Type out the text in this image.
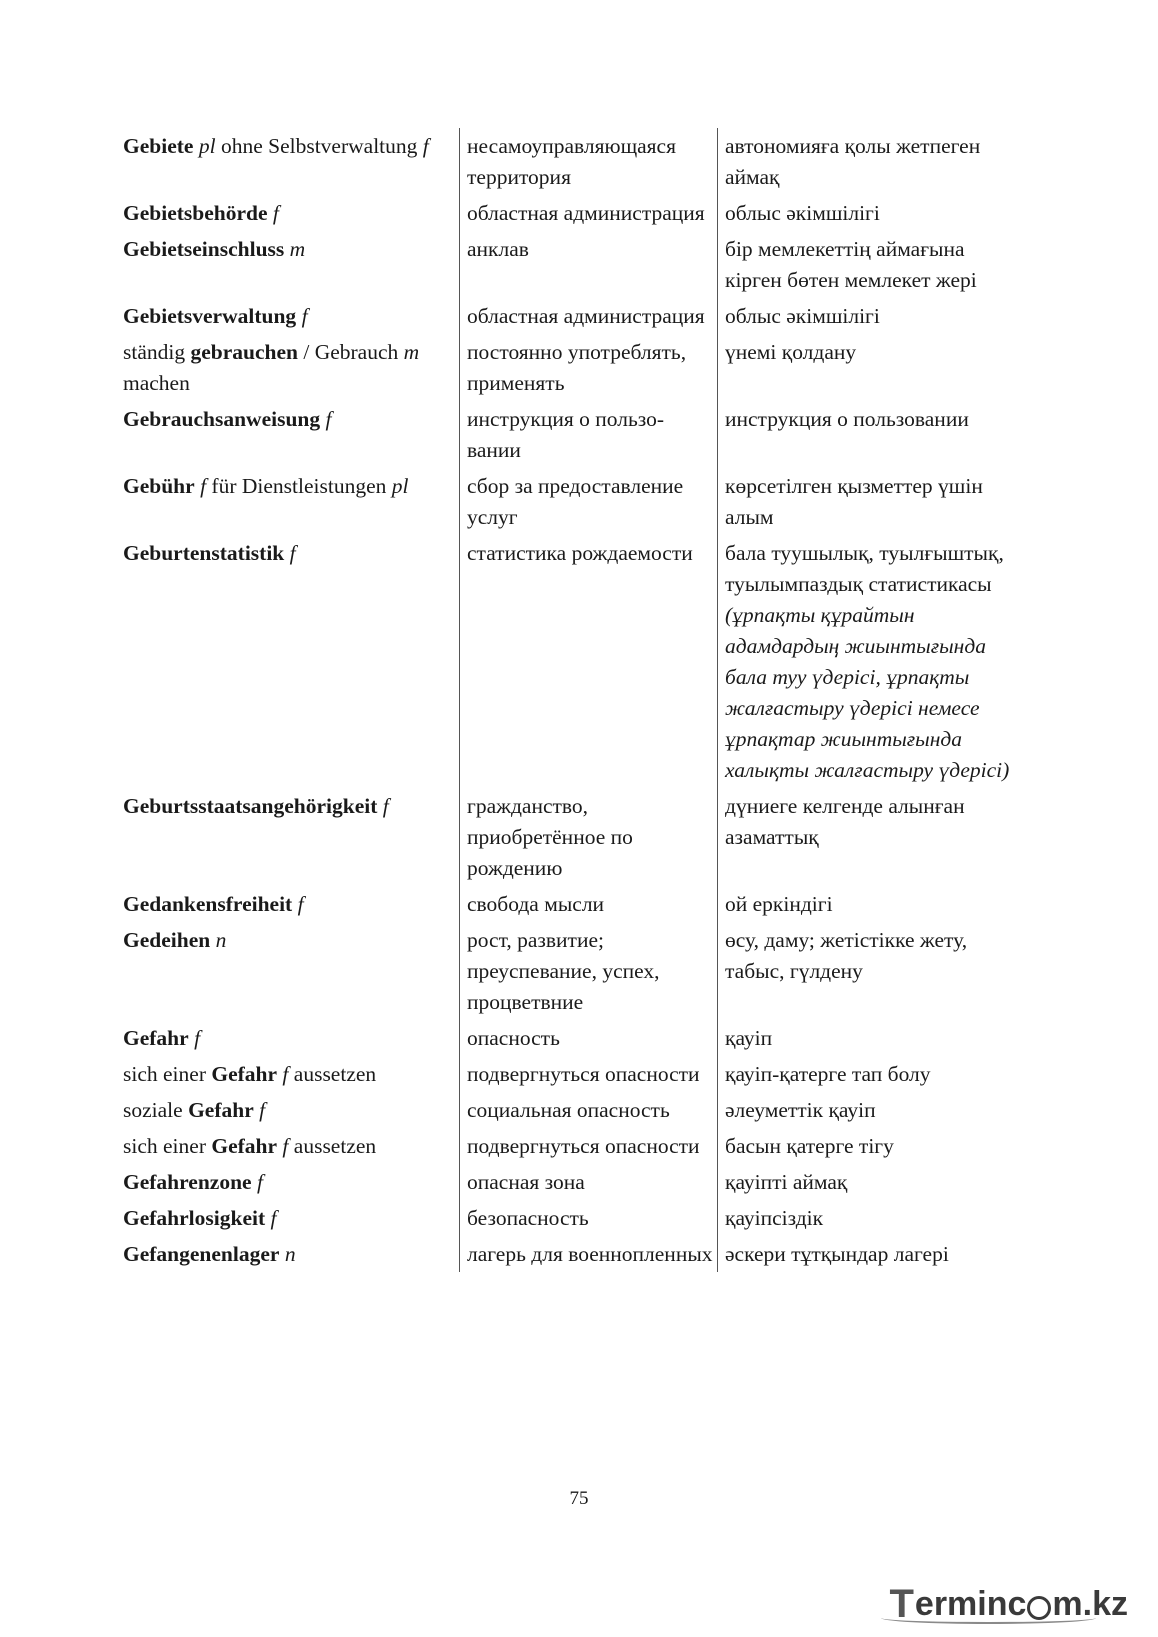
Gebiete pl ohne Selbstverwaltung f	несамоуправляющаяся территория	автономияға қолы жетпеген аймақ
Gebietsbehörde f	областная администрация	облыс әкімшілігі
Gebietseinschluss m	анклав	бір мемлекеттің аймағына кірген бөтен мемлекет жері
Gebietsverwaltung f	областная администрация	облыс әкімшілігі
ständig gebrauchen / Gebrauch m machen	постоянно употреблять, применять	үнемі қолдану
Gebrauchsanweisung f	инструкция о пользо-вании	инструкция о пользовании
Gebühr f für Dienstleistungen pl	сбор за предоставление услуг	көрсетілген қызметтер үшін алым
Geburtenstatistik f	статистика рождаемости	бала туушылық, туылғыштық, туылымпаздық статистикасы (ұрпақты құрайтын адамдардың жиынтығында бала туу үдерісі, ұрпақты жалғастыру үдерісі немесе ұрпақтар жиынтығында халықты жалғастыру үдерісі)
Geburtsstaatsangehörigkeit f	гражданство, приобретённое по рождению	дүниеге келгенде алынған азаматтық
Gedankensfreiheit f	свобода мысли	ой еркіндігі
Gedeihen n	рост, развитие; преуспевание, успех, процветвние	өсу, даму; жетістікке жету, табыс, гүлдену
Gefahr f	опасность	қауіп
sich einer Gefahr f aussetzen	подвергнуться опасности	қауіп-қатерге тап болу
soziale Gefahr f	социальная опасность	әлеуметтік қауіп
sich einer Gefahr f aussetzen	подвергнуться опасности	басын қатерге тігу
Gefahrenzone f	опасная зона	қауіпті аймақ
Gefahrlosigkeit f	безопасность	қауіпсіздік
Gefangenenlager n	лагерь для военнопленных	әскери тұтқындар лагері
75
T erminc m.kz
